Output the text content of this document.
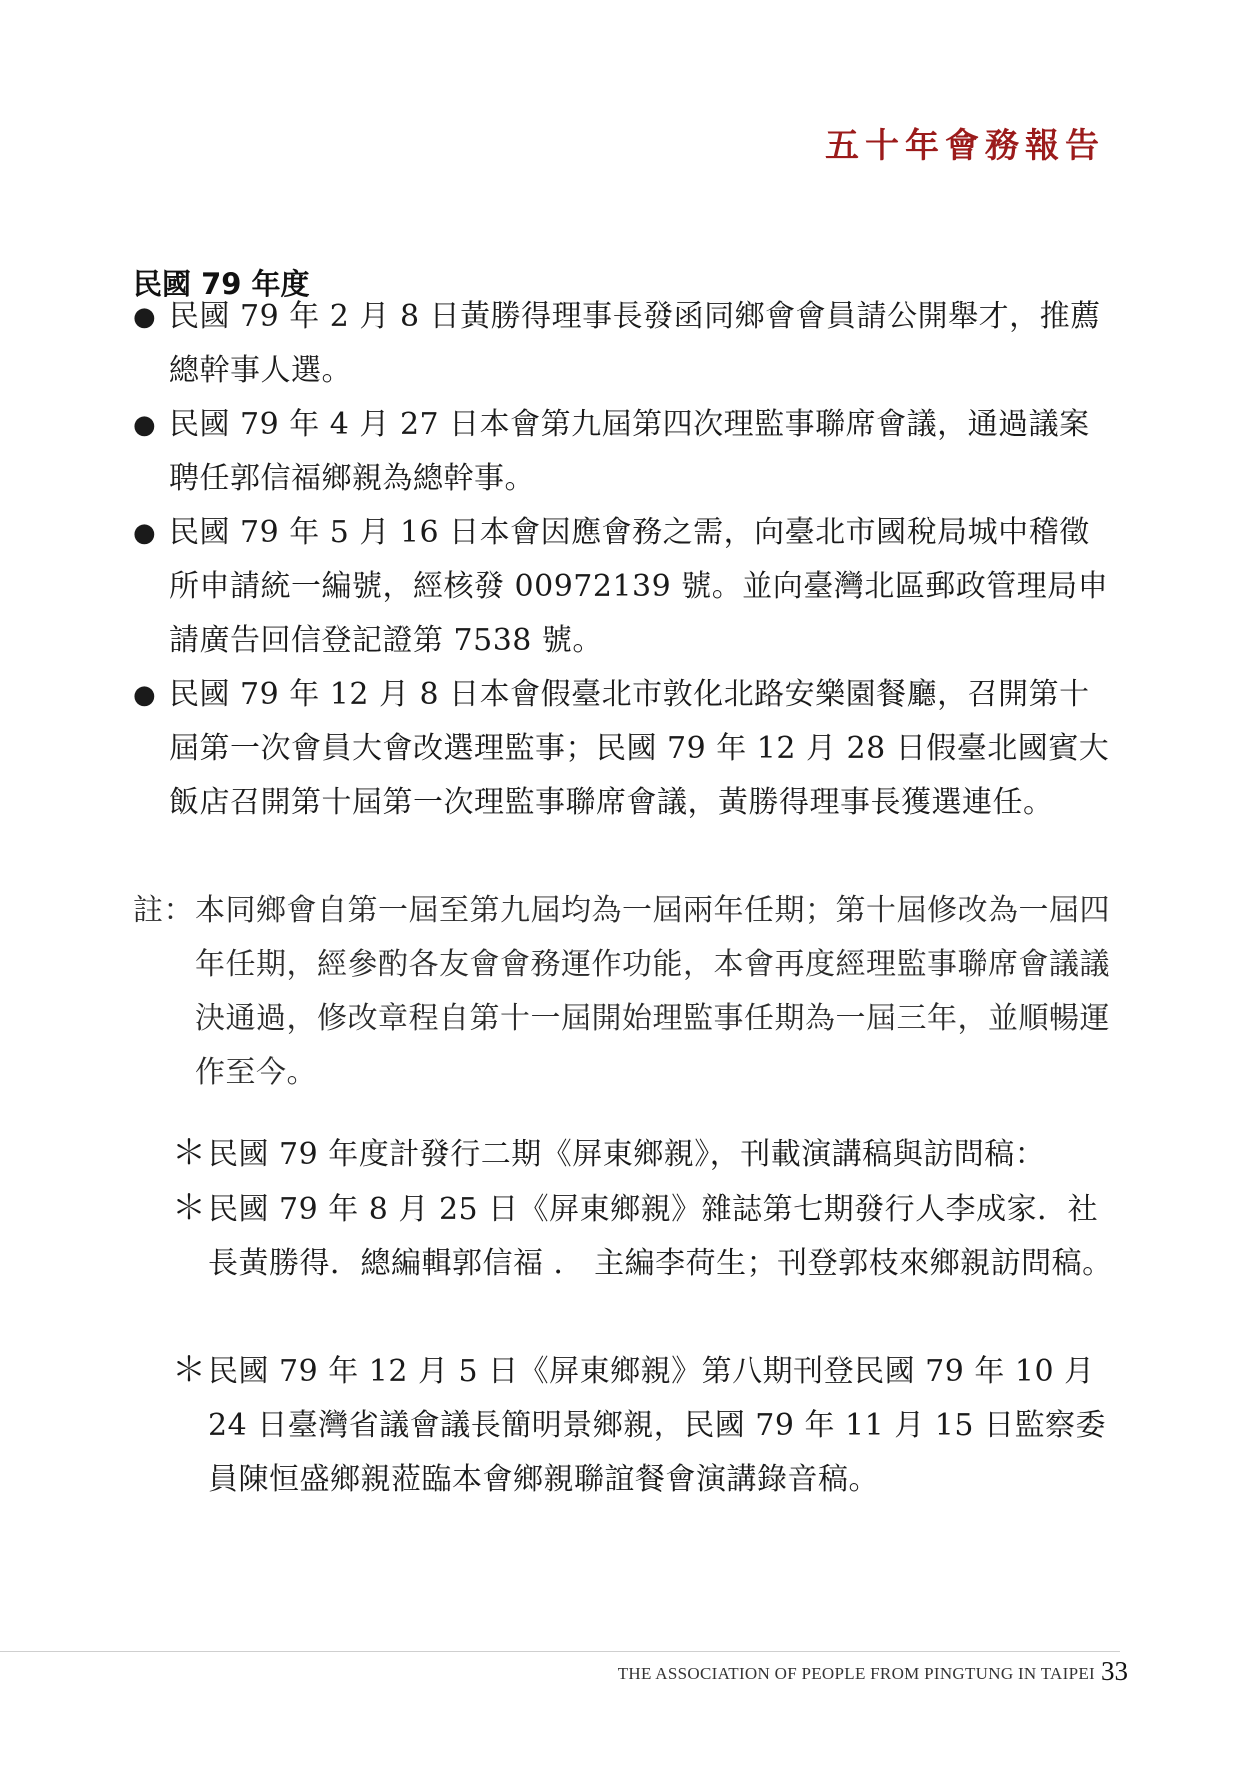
五十年會務報告
民國 79 年度
● 民國 79 年 2 月 8 日黃勝得理事長發函同鄉會會員請公開舉才，推薦總幹事人選。
● 民國 79 年 4 月 27 日本會第九屆第四次理監事聯席會議，通過議案聘任郭信福鄉親為總幹事。
● 民國 79 年 5 月 16 日本會因應會務之需，向臺北市國稅局城中稽徵所申請統一編號，經核發 00972139 號。並向臺灣北區郵政管理局申請廣告回信登記證第 7538 號。
● 民國 79 年 12 月 8 日本會假臺北市敦化北路安樂園餐廳，召開第十屆第一次會員大會改選理監事；民國 79 年 12 月 28 日假臺北國賓大飯店召開第十屆第一次理監事聯席會議，黃勝得理事長獲選連任。
註： 本同鄉會自第一屆至第九屆均為一屆兩年任期；第十屆修改為一屆四年任期，經參酌各友會會務運作功能，本會再度經理監事聯席會議議決通過，修改章程自第十一屆開始理監事任期為一屆三年，並順暢運作至今。
＊ 民國 79 年度計發行二期《屏東鄉親》，刊載演講稿與訪問稿：
＊ 民國 79 年 8 月 25 日《屏東鄉親》雜誌第七期發行人李成家．社長黃勝得．總編輯郭信福 ． 主編李荷生；刊登郭枝來鄉親訪問稿。
＊ 民國 79 年 12 月 5 日《屏東鄉親》第八期刊登民國 79 年 10 月 24 日臺灣省議會議長簡明景鄉親，民國 79 年 11 月 15 日監察委員陳恒盛鄉親蒞臨本會鄉親聯誼餐會演講錄音稿。
THE ASSOCIATION OF PEOPLE FROM PINGTUNG IN TAIPEI 33
